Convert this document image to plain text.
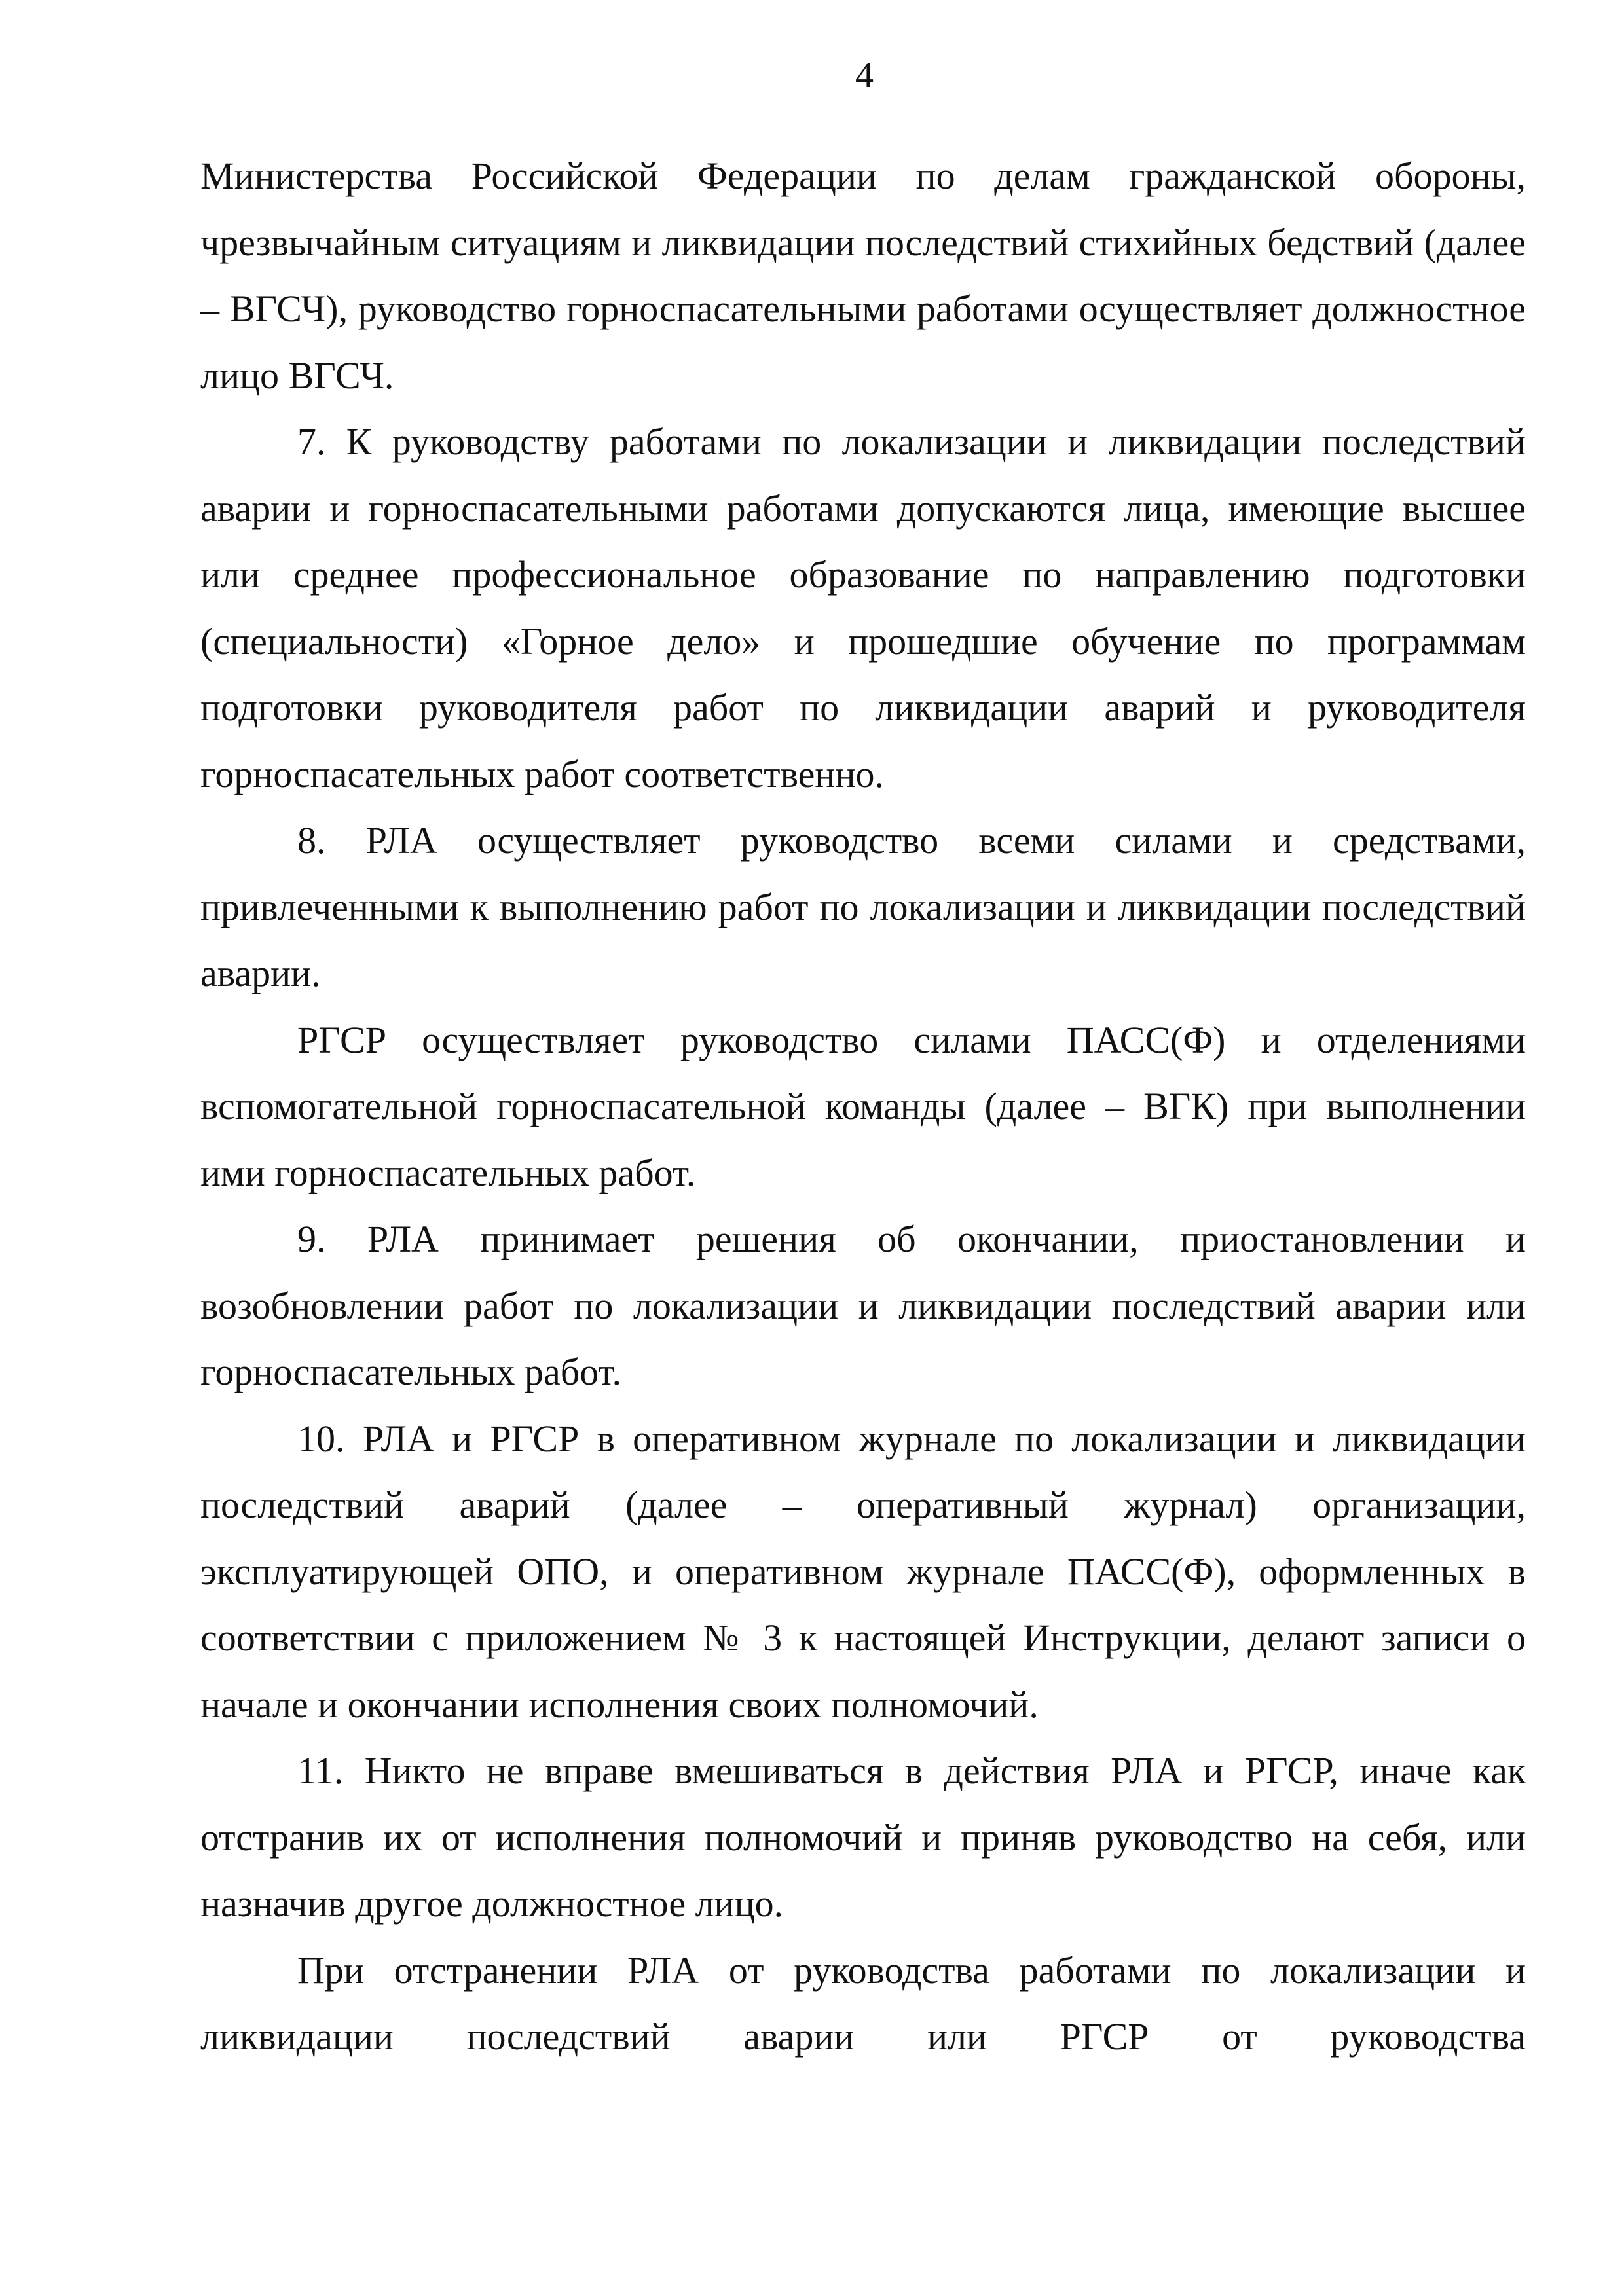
4

Министерства Российской Федерации по делам гражданской обороны, чрезвычайным ситуациям и ликвидации последствий стихийных бедствий (далее – ВГСЧ), руководство горноспасательными работами осуществляет должностное лицо ВГСЧ.

7. К руководству работами по локализации и ликвидации последствий аварии и горноспасательными работами допускаются лица, имеющие высшее или среднее профессиональное образование по направлению подготовки (специальности) «Горное дело» и прошедшие обучение по программам подготовки руководителя работ по ликвидации аварий и руководителя горноспасательных работ соответственно.

8. РЛА осуществляет руководство всеми силами и средствами, привлеченными к выполнению работ по локализации и ликвидации последствий аварии.

РГСР осуществляет руководство силами ПАСС(Ф) и отделениями вспомогательной горноспасательной команды (далее – ВГК) при выполнении ими горноспасательных работ.

9. РЛА принимает решения об окончании, приостановлении и возобновлении работ по локализации и ликвидации последствий аварии или горноспасательных работ.

10. РЛА и РГСР в оперативном журнале по локализации и ликвидации последствий аварий (далее – оперативный журнал) организации, эксплуатирующей ОПО, и оперативном журнале ПАСС(Ф), оформленных в соответствии с приложением № 3 к настоящей Инструкции, делают записи о начале и окончании исполнения своих полномочий.

11. Никто не вправе вмешиваться в действия РЛА и РГСР, иначе как отстранив их от исполнения полномочий и приняв руководство на себя, или назначив другое должностное лицо.

При отстранении РЛА от руководства работами по локализации и ликвидации последствий аварии или РГСР от руководства
